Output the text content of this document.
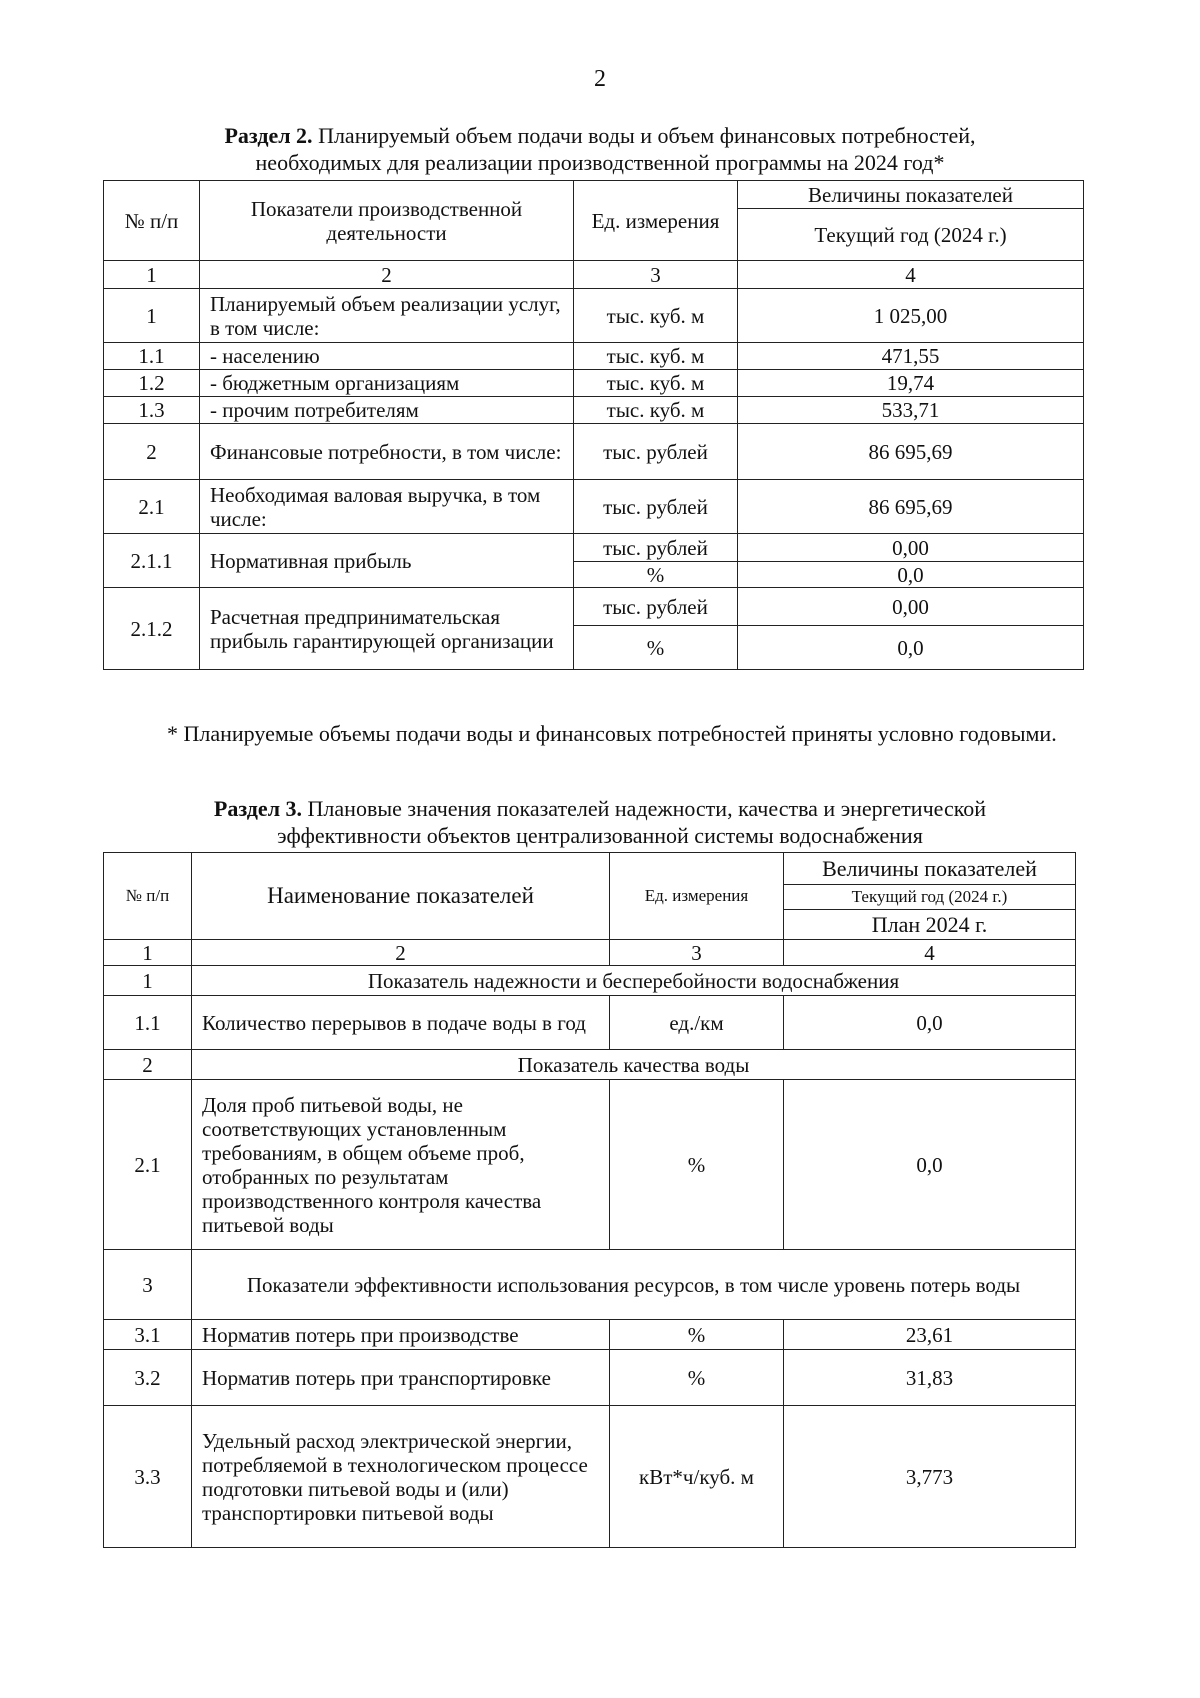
2
Раздел 2. Планируемый объем подачи воды и объем финансовых потребностей,
необходимых для реализации производственной программы на 2024 год*
№ п/п	Показатели производственной деятельности	Ед. измерения	Величины показателей
			Текущий год (2024 г.)
1	2	3	4
1	Планируемый объем реализации услуг, в том числе:	тыс. куб. м	1 025,00
1.1	- населению	тыс. куб. м	471,55
1.2	- бюджетным организациям	тыс. куб. м	19,74
1.3	- прочим потребителям	тыс. куб. м	533,71
2	Финансовые потребности, в том числе:	тыс. рублей	86 695,69
2.1	Необходимая валовая выручка, в том числе:	тыс. рублей	86 695,69
2.1.1	Нормативная прибыль	тыс. рублей	0,00
		%	0,0
2.1.2	Расчетная предпринимательская прибыль гарантирующей организации	тыс. рублей	0,00
		%	0,0
* Планируемые объемы подачи воды и финансовых потребностей приняты условно годовыми.
Раздел 3. Плановые значения показателей надежности, качества и энергетической
эффективности объектов централизованной системы водоснабжения
№ п/п	Наименование показателей	Ед. измерения	Величины показателей
			Текущий год (2024 г.)
			План 2024 г.
1	2	3	4
1	Показатель надежности и бесперебойности водоснабжения		
1.1	Количество перерывов в подаче воды в год	ед./км	0,0
2	Показатель качества воды		
2.1	Доля проб питьевой воды, не соответствующих установленным требованиям, в общем объеме проб, отобранных по результатам производственного контроля качества питьевой воды	%	0,0
3	Показатели эффективности использования ресурсов, в том числе уровень потерь воды		
3.1	Норматив потерь при производстве	%	23,61
3.2	Норматив потерь при транспортировке	%	31,83
3.3	Удельный расход электрической энергии, потребляемой в технологическом процессе подготовки питьевой воды и (или) транспортировки питьевой воды	кВт*ч/куб. м	3,773
